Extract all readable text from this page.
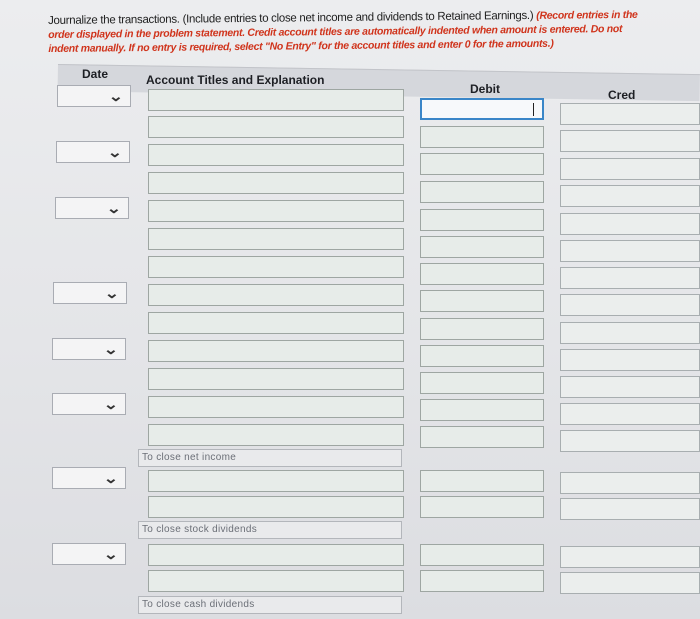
Journalize the transactions. (Include entries to close net income and dividends to Retained Earnings.) (Record entries in the order displayed in the problem statement. Credit account titles are automatically indented when amount is entered. Do not indent manually. If no entry is required, select "No Entry" for the account titles and enter 0 for the amounts.)
Date	Account Titles and Explanation
Debit	Cred
⌄
⌄
⌄
⌄
⌄
⌄
⌄
⌄
To close net income
To close stock dividends
To close cash dividends
